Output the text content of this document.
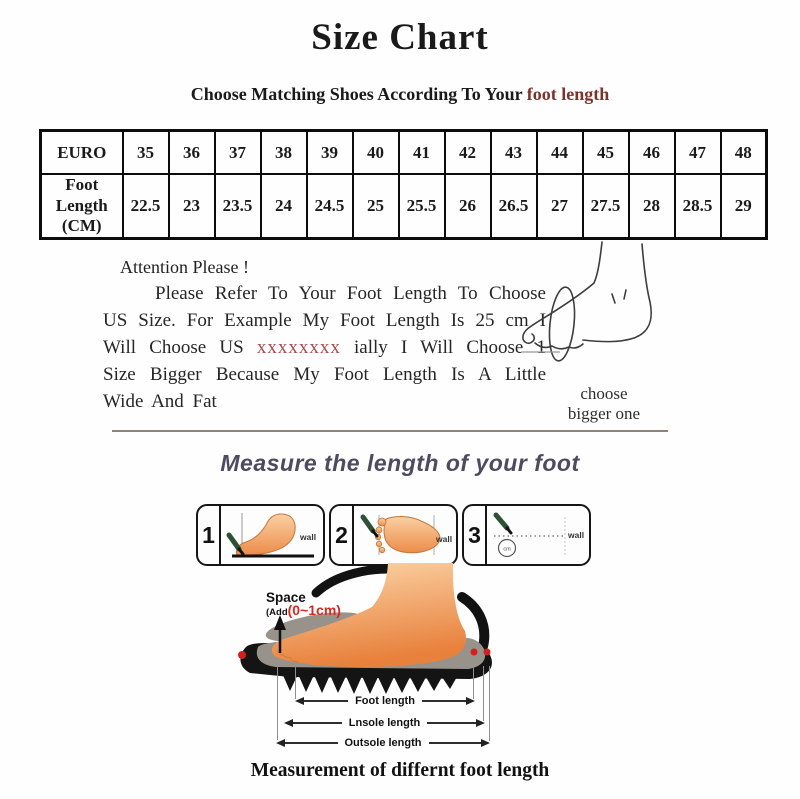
Size Chart
Choose Matching Shoes According To Your foot length
EURO	35	36	37	38	39	40	41	42	43	44	45	46	47	48

Foot Length (CM)	22.5	23	23.5	24	24.5	25	25.5	26	26.5	27	27.5	28	28.5	29
Attention Please !
Please Refer To Your Foot Length To Choose US Size. For Example My Foot Length Is 25 cm I Will Choose US xxxxxxxx ially I Will Choose 1 Size Bigger Because My Foot Length Is A Little Wide And Fat	choose
bigger one
Measure the length of your foot
1	wall 2	wall 3
cm
wall
Space
(Add(0~1cm)
Foot length
Lnsole length
Outsole length
Measurement of differnt foot length
